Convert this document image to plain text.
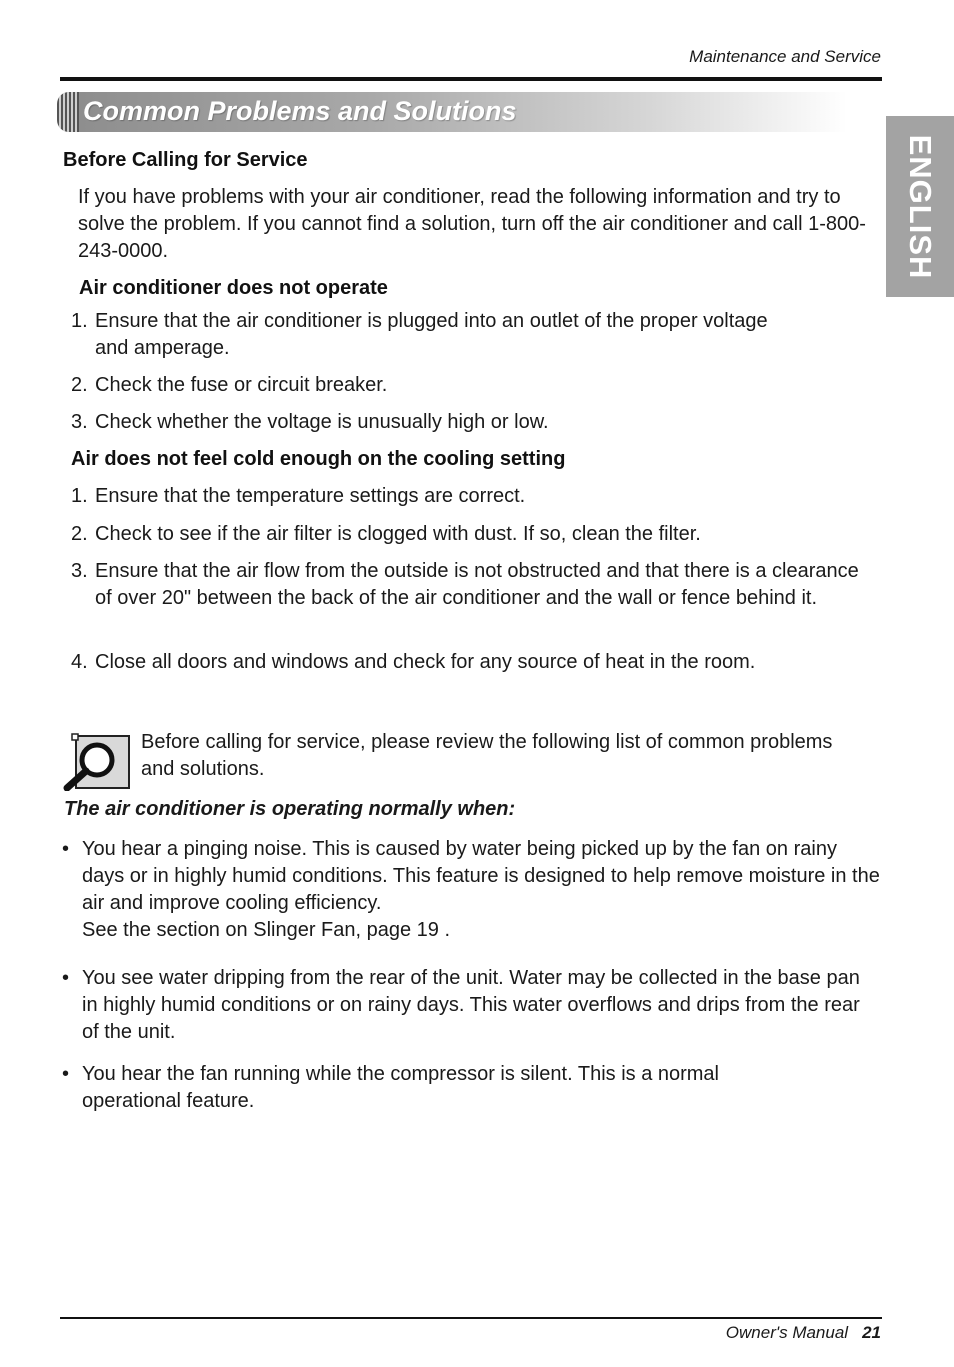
Maintenance and Service
Common Problems and Solutions
ENGLISH
Before Calling for Service
If you have problems with your air conditioner, read the following information and try to solve the problem. If you cannot find a solution, turn off the air conditioner and call 1-800-243-0000.
Air conditioner does not operate
1. Ensure that the air conditioner is plugged into an outlet of the proper voltage and amperage.
2. Check the fuse or circuit breaker.
3. Check whether the voltage is unusually high or low.
Air does not feel cold enough on the cooling setting
1. Ensure that the temperature settings are correct.
2. Check to see if the air filter is clogged with dust. If so, clean the filter.
3. Ensure that the air flow from the outside is not obstructed and that there is a clearance of over 20" between the back of the air conditioner and the wall or fence behind it.
4. Close all doors and windows and check for any source of heat in the room.
Before calling for service, please review the following list of common problems and solutions.
The air conditioner is operating normally when:
• You hear a pinging noise. This is caused by water being picked up by the fan on rainy days or in highly humid conditions. This feature is designed to help remove moisture in the air and improve cooling efficiency.
See the section on Slinger Fan, page 19 .
• You see water dripping from the rear of the unit. Water may be collected in the base pan in highly humid conditions or on rainy days. This water overflows and drips from the rear of the unit.
• You hear the fan running while the compressor is silent. This is a normal operational feature.
Owner's Manual 21
